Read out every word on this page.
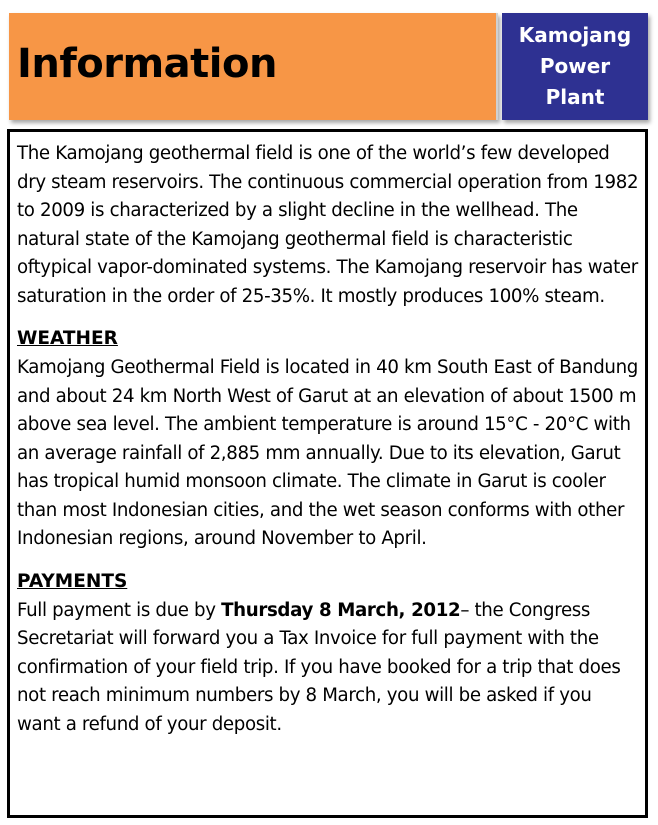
Information
Kamojang
Power
Plant

The Kamojang geothermal field is one of the world’s few developed dry steam reservoirs. The continuous commercial operation from 1982 to 2009 is characterized by a slight decline in the wellhead. The natural state of the Kamojang geothermal field is characteristic oftypical vapor-dominated systems. The Kamojang reservoir has water saturation in the order of 25-35%. It mostly produces 100% steam.

WEATHER

Kamojang Geothermal Field is located in 40 km South East of Bandung and about 24 km North West of Garut at an elevation of about 1500 m above sea level. The ambient temperature is around 15°C - 20°C with an average rainfall of 2,885 mm annually. Due to its elevation, Garut has tropical humid monsoon climate. The climate in Garut is cooler than most Indonesian cities, and the wet season conforms with other Indonesian regions, around November to April.

PAYMENTS

Full payment is due by Thursday 8 March, 2012– the Congress Secretariat will forward you a Tax Invoice for full payment with the confirmation of your field trip. If you have booked for a trip that does not reach minimum numbers by 8 March, you will be asked if you want a refund of your deposit.
